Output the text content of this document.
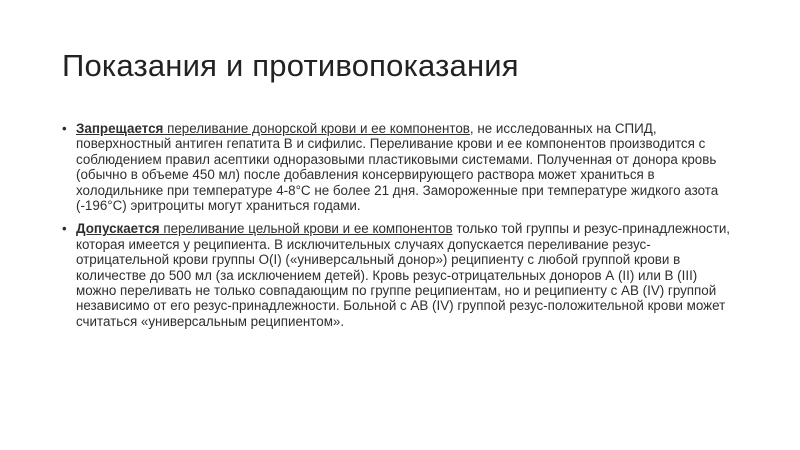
Показания и противопоказания
• Запрещается переливание донорской крови и ее компонентов, не исследованных на СПИД, поверхностный антиген гепатита В и сифилис. Переливание крови и ее компонентов производится с соблюдением правил асептики одноразовыми пластиковыми системами. Полученная от донора кровь (обычно в объеме 450 мл) после добавления консервирующего раствора может храниться в холодильнике при температуре 4-8°С не более 21 дня. Замороженные при температуре жидкого азота (-196°С) эритроциты могут храниться годами.
• Допускается переливание цельной крови и ее компонентов только той группы и резус-принадлежности, которая имеется у реципиента. В исключительных случаях допускается переливание резус-отрицательной крови группы О(I) («универсальный донор») реципиенту с любой группой крови в количестве до 500 мл (за исключением детей). Кровь резус-отрицательных доноров А (II) или В (III) можно переливать не только совпадающим по группе реципиентам, но и реципиенту с АВ (IV) группой независимо от его резус-принадлежности. Больной с АВ (IV) группой резус-положительной крови может считаться «универсальным реципиентом».
